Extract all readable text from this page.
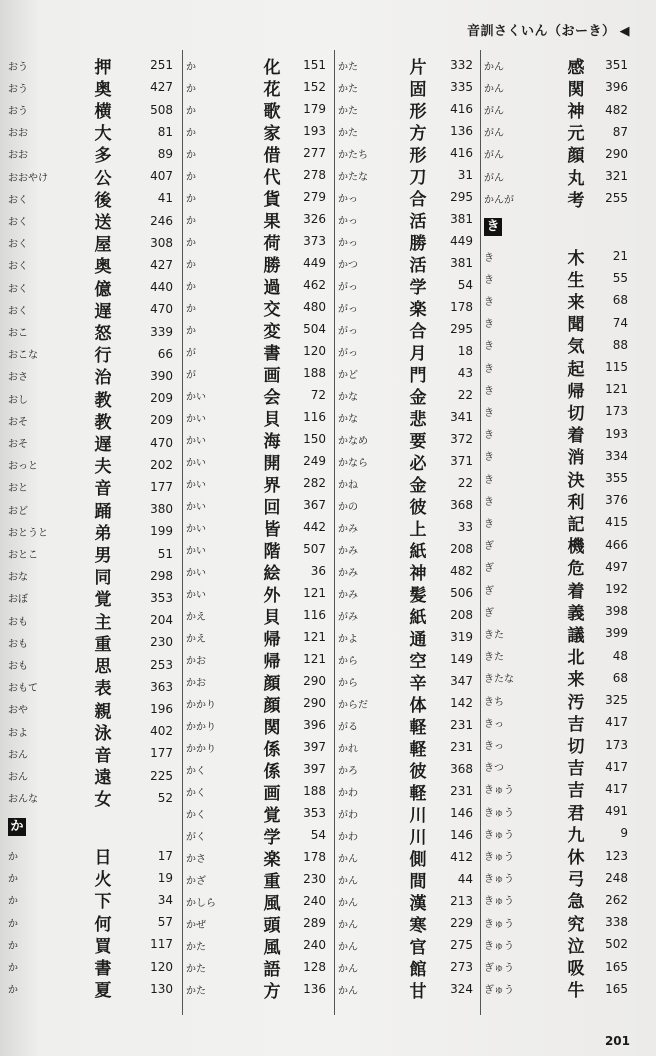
音訓さくいん（おーき） ◀
おう	押	251
おう	奥	427
おう	横	508
おお	大	81
おお	多	89
おおやけ	公	407
おく	後	41
おく	送	246
おく	屋	308
おく	奥	427
おく	億	440
おく	遅	470
おこ	怒	339
おこな	行	66
おさ	治	390
おし	教	209
おそ	教	209
おそ	遅	470
おっと	夫	202
おと	音	177
おど	踊	380
おとうと	弟	199
おとこ	男	51
おな	同	298
おぼ	覚	353
おも	主	204
おも	重	230
おも	思	253
おもて	表	363
おや	親	196
およ	泳	402
おん	音	177
おん	遠	225
おんな	女	52
か
か	日	17
か	火	19
か	下	34
か	何	57
か	買	117
か	書	120
か	夏	130
か	化	151
か	花	152
か	歌	179
か	家	193
か	借	277
か	代	278
か	貨	279
か	果	326
か	荷	373
か	勝	449
か	過	462
か	交	480
か	変	504
が	書	120
が	画	188
かい	会	72
かい	貝	116
かい	海	150
かい	開	249
かい	界	282
かい	回	367
かい	皆	442
かい	階	507
かい	絵	36
かい	外	121
かえ	貝	116
かえ	帰	121
かお	帰	121
かお	顔	290
かかり	顔	290
かかり	関	396
かかり	係	397
かく	係	397
かく	画	188
かく	覚	353
がく	学	54
かさ	楽	178
かざ	重	230
かしら	風	240
かぜ	頭	289
かた	風	240
かた	語	128
かた	方	136
かた	片	332
かた	固	335
かた	形	416
かた	方	136
かたち	形	416
かたな	刀	31
かっ	合	295
かっ	活	381
かっ	勝	449
かつ	活	381
がっ	学	54
がっ	楽	178
がっ	合	295
がっ	月	18
かど	門	43
かな	金	22
かな	悲	341
かなめ	要	372
かなら	必	371
かね	金	22
かの	彼	368
かみ	上	33
かみ	紙	208
かみ	神	482
かみ	髪	506
がみ	紙	208
かよ	通	319
から	空	149
から	辛	347
からだ	体	142
がる	軽	231
かれ	軽	231
かろ	彼	368
かわ	軽	231
がわ	川	146
かわ	川	146
かん	側	412
かん	間	44
かん	漢	213
かん	寒	229
かん	官	275
かん	館	273
かん	甘	324
かん	感	351
かん	関	396
がん	神	482
がん	元	87
がん	顔	290
がん	丸	321
かんが	考	255
き
き	木	21
き	生	55
き	来	68
き	聞	74
き	気	88
き	起	115
き	帰	121
き	切	173
き	着	193
き	消	334
き	決	355
き	利	376
き	記	415
ぎ	機	466
ぎ	危	497
ぎ	着	192
ぎ	義	398
きた	議	399
きた	北	48
きたな	来	68
きち	汚	325
きっ	吉	417
きっ	切	173
きつ	吉	417
きゅう	吉	417
きゅう	君	491
きゅう	九	9
きゅう	休	123
きゅう	弓	248
きゅう	急	262
きゅう	究	338
きゅう	泣	502
ぎゅう	吸	165
ぎゅう	牛	165
201
